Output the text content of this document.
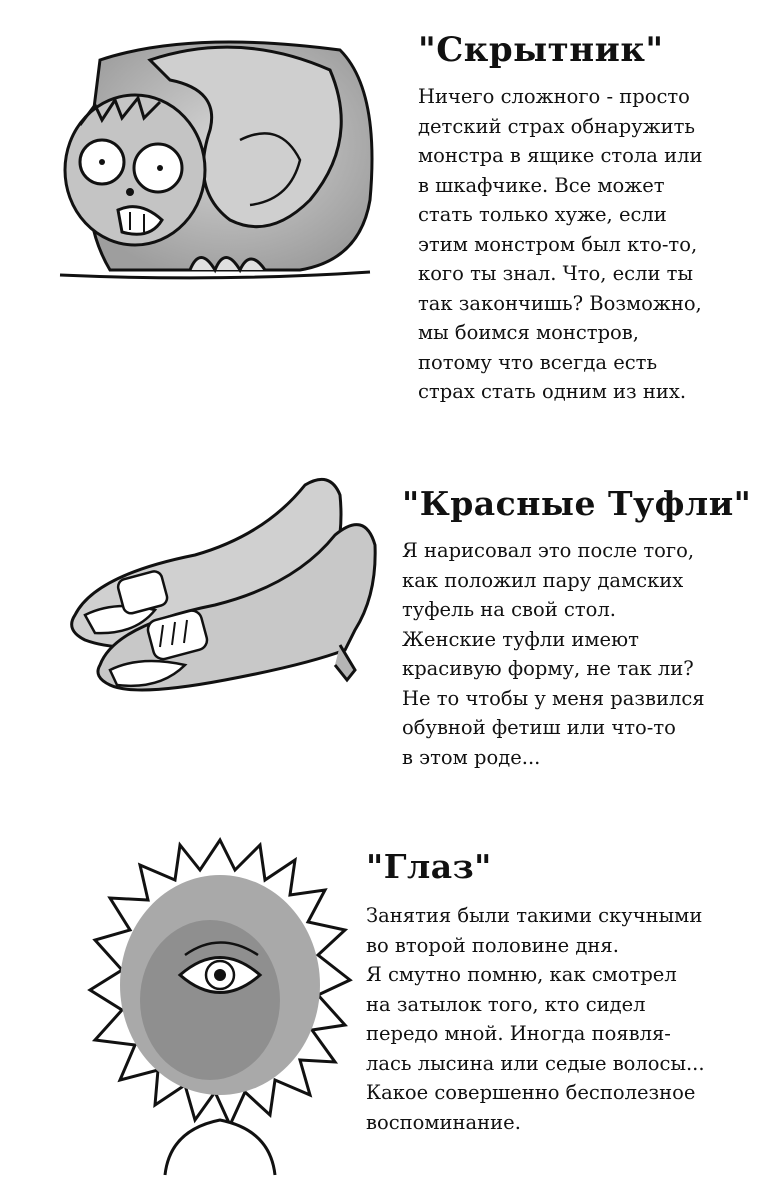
"Скрытник"
Ничего сложного - просто
детский страх обнаружить
монстра в ящике стола или
в шкафчике. Все может
стать только хуже, если
этим монстром был кто-то,
кого ты знал. Что, если ты
так закончишь? Возможно,
мы боимся монстров,
потому что всегда есть
страх стать одним из них.
"Красные Туфли"
Я нарисовал это после того,
как положил пару дамских
туфель на свой стол.
Женские туфли имеют
красивую форму, не так ли?
Не то чтобы у меня развился
обувной фетиш или что-то
в этом роде...
"Глаз"
Занятия были такими скучными
во второй половине дня.
Я смутно помню, как смотрел
на затылок того, кто сидел
передо мной. Иногда появля-
лась лысина или седые волосы...
Какое совершенно бесполезное
воспоминание.
